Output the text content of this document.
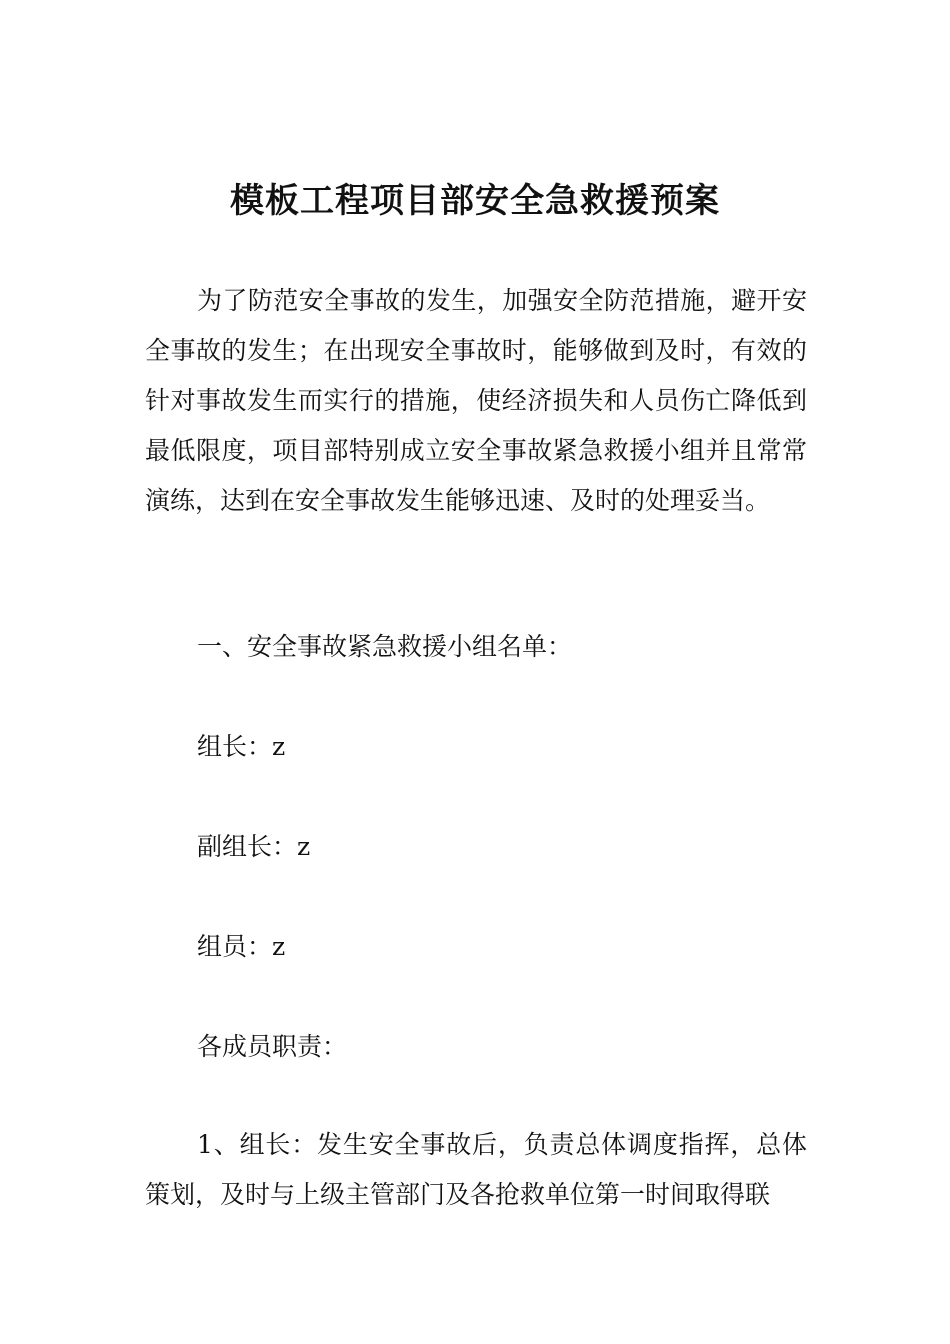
模板工程项目部安全急救援预案

为了防范安全事故的发生，加强安全防范措施，避开安全事故的发生；在出现安全事故时，能够做到及时，有效的针对事故发生而实行的措施，使经济损失和人员伤亡降低到最低限度，项目部特别成立安全事故紧急救援小组并且常常演练，达到在安全事故发生能够迅速、及时的处理妥当。

一、安全事故紧急救援小组名单：

组长：z

副组长：z

组员：z

各成员职责：

1、组长：发生安全事故后，负责总体调度指挥，总体策划，及时与上级主管部门及各抢救单位第一时间取得联
